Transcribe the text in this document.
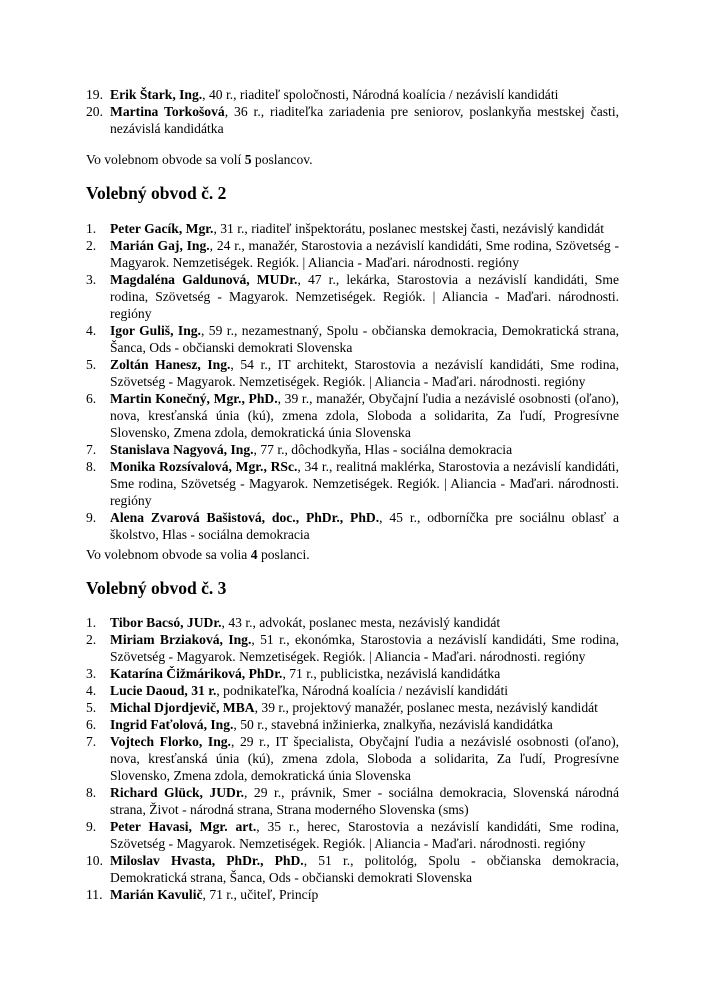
19. Erik Štark, Ing., 40 r., riaditeľ spoločnosti, Národná koalícia / nezávislí kandidáti
20. Martina Torkošová, 36 r., riaditeľka zariadenia pre seniorov, poslankyňa mestskej časti, nezávislá kandidátka
Vo volebnom obvode sa volí 5 poslancov.
Volebný obvod č. 2
1.	Peter Gacík, Mgr., 31 r., riaditeľ inšpektorátu, poslanec mestskej časti, nezávislý kandidát
2.	Marián Gaj, Ing., 24 r., manažér, Starostovia a nezávislí kandidáti, Sme rodina, Szövetség - Magyarok. Nemzetiségek. Regiók. | Aliancia - Maďari. národnosti. regióny
3.	Magdaléna Galdunová, MUDr., 47 r., lekárka, Starostovia a nezávislí kandidáti, Sme rodina, Szövetség - Magyarok. Nemzetiségek. Regiók. | Aliancia - Maďari. národnosti. regióny
4.	Igor Guliš, Ing., 59 r., nezamestnaný, Spolu - občianska demokracia, Demokratická strana, Šanca, Ods - občianski demokrati Slovenska
5.	Zoltán Hanesz, Ing., 54 r., IT architekt, Starostovia a nezávislí kandidáti, Sme rodina, Szövetség - Magyarok. Nemzetiségek. Regiók. | Aliancia - Maďari. národnosti. regióny
6.	Martin Konečný, Mgr., PhD., 39 r., manažér, Obyčajní ľudia a nezávislé osobnosti (oľano), nova, kresťanská únia (kú), zmena zdola, Sloboda a solidarita, Za ľudí, Progresívne Slovensko, Zmena zdola, demokratická únia Slovenska
7.	Stanislava Nagyová, Ing., 77 r., dôchodkyňa, Hlas - sociálna demokracia
8.	Monika Rozsívalová, Mgr., RSc., 34 r., realitná maklérka, Starostovia a nezávislí kandidáti, Sme rodina, Szövetség - Magyarok. Nemzetiségek. Regiók. | Aliancia - Maďari. národnosti. regióny
9.	Alena Zvarová Bašistová, doc., PhDr., PhD., 45 r., odborníčka pre sociálnu oblasť a školstvo, Hlas - sociálna demokracia
Vo volebnom obvode sa volia 4 poslanci.
Volebný obvod č. 3
1.	Tibor Bacsó, JUDr., 43 r., advokát, poslanec mesta, nezávislý kandidát
2.	Miriam Brziaková, Ing., 51 r., ekonómka, Starostovia a nezávislí kandidáti, Sme rodina, Szövetség - Magyarok. Nemzetiségek. Regiók. | Aliancia - Maďari. národnosti. regióny
3.	Katarína Čižmáriková, PhDr., 71 r., publicistka, nezávislá kandidátka
4.	Lucie Daoud, 31 r., podnikateľka, Národná koalícia / nezávislí kandidáti
5.	Michal Djordjevič, MBA, 39 r., projektový manažér, poslanec mesta, nezávislý kandidát
6.	Ingrid Faťolová, Ing., 50 r., stavebná inžinierka, znalkyňa, nezávislá kandidátka
7.	Vojtech Florko, Ing., 29 r., IT špecialista, Obyčajní ľudia a nezávislé osobnosti (oľano), nova, kresťanská únia (kú), zmena zdola, Sloboda a solidarita, Za ľudí, Progresívne Slovensko, Zmena zdola, demokratická únia Slovenska
8.	Richard Glück, JUDr., 29 r., právnik, Smer - sociálna demokracia, Slovenská národná strana, Život - národná strana, Strana moderného Slovenska (sms)
9.	Peter Havasi, Mgr. art., 35 r., herec, Starostovia a nezávislí kandidáti, Sme rodina, Szövetség - Magyarok. Nemzetiségek. Regiók. | Aliancia - Maďari. národnosti. regióny
10. Miloslav Hvasta, PhDr., PhD., 51 r., politológ, Spolu - občianska demokracia, Demokratická strana, Šanca, Ods - občianski demokrati Slovenska
11. Marián Kavulič, 71 r., učiteľ, Princíp
